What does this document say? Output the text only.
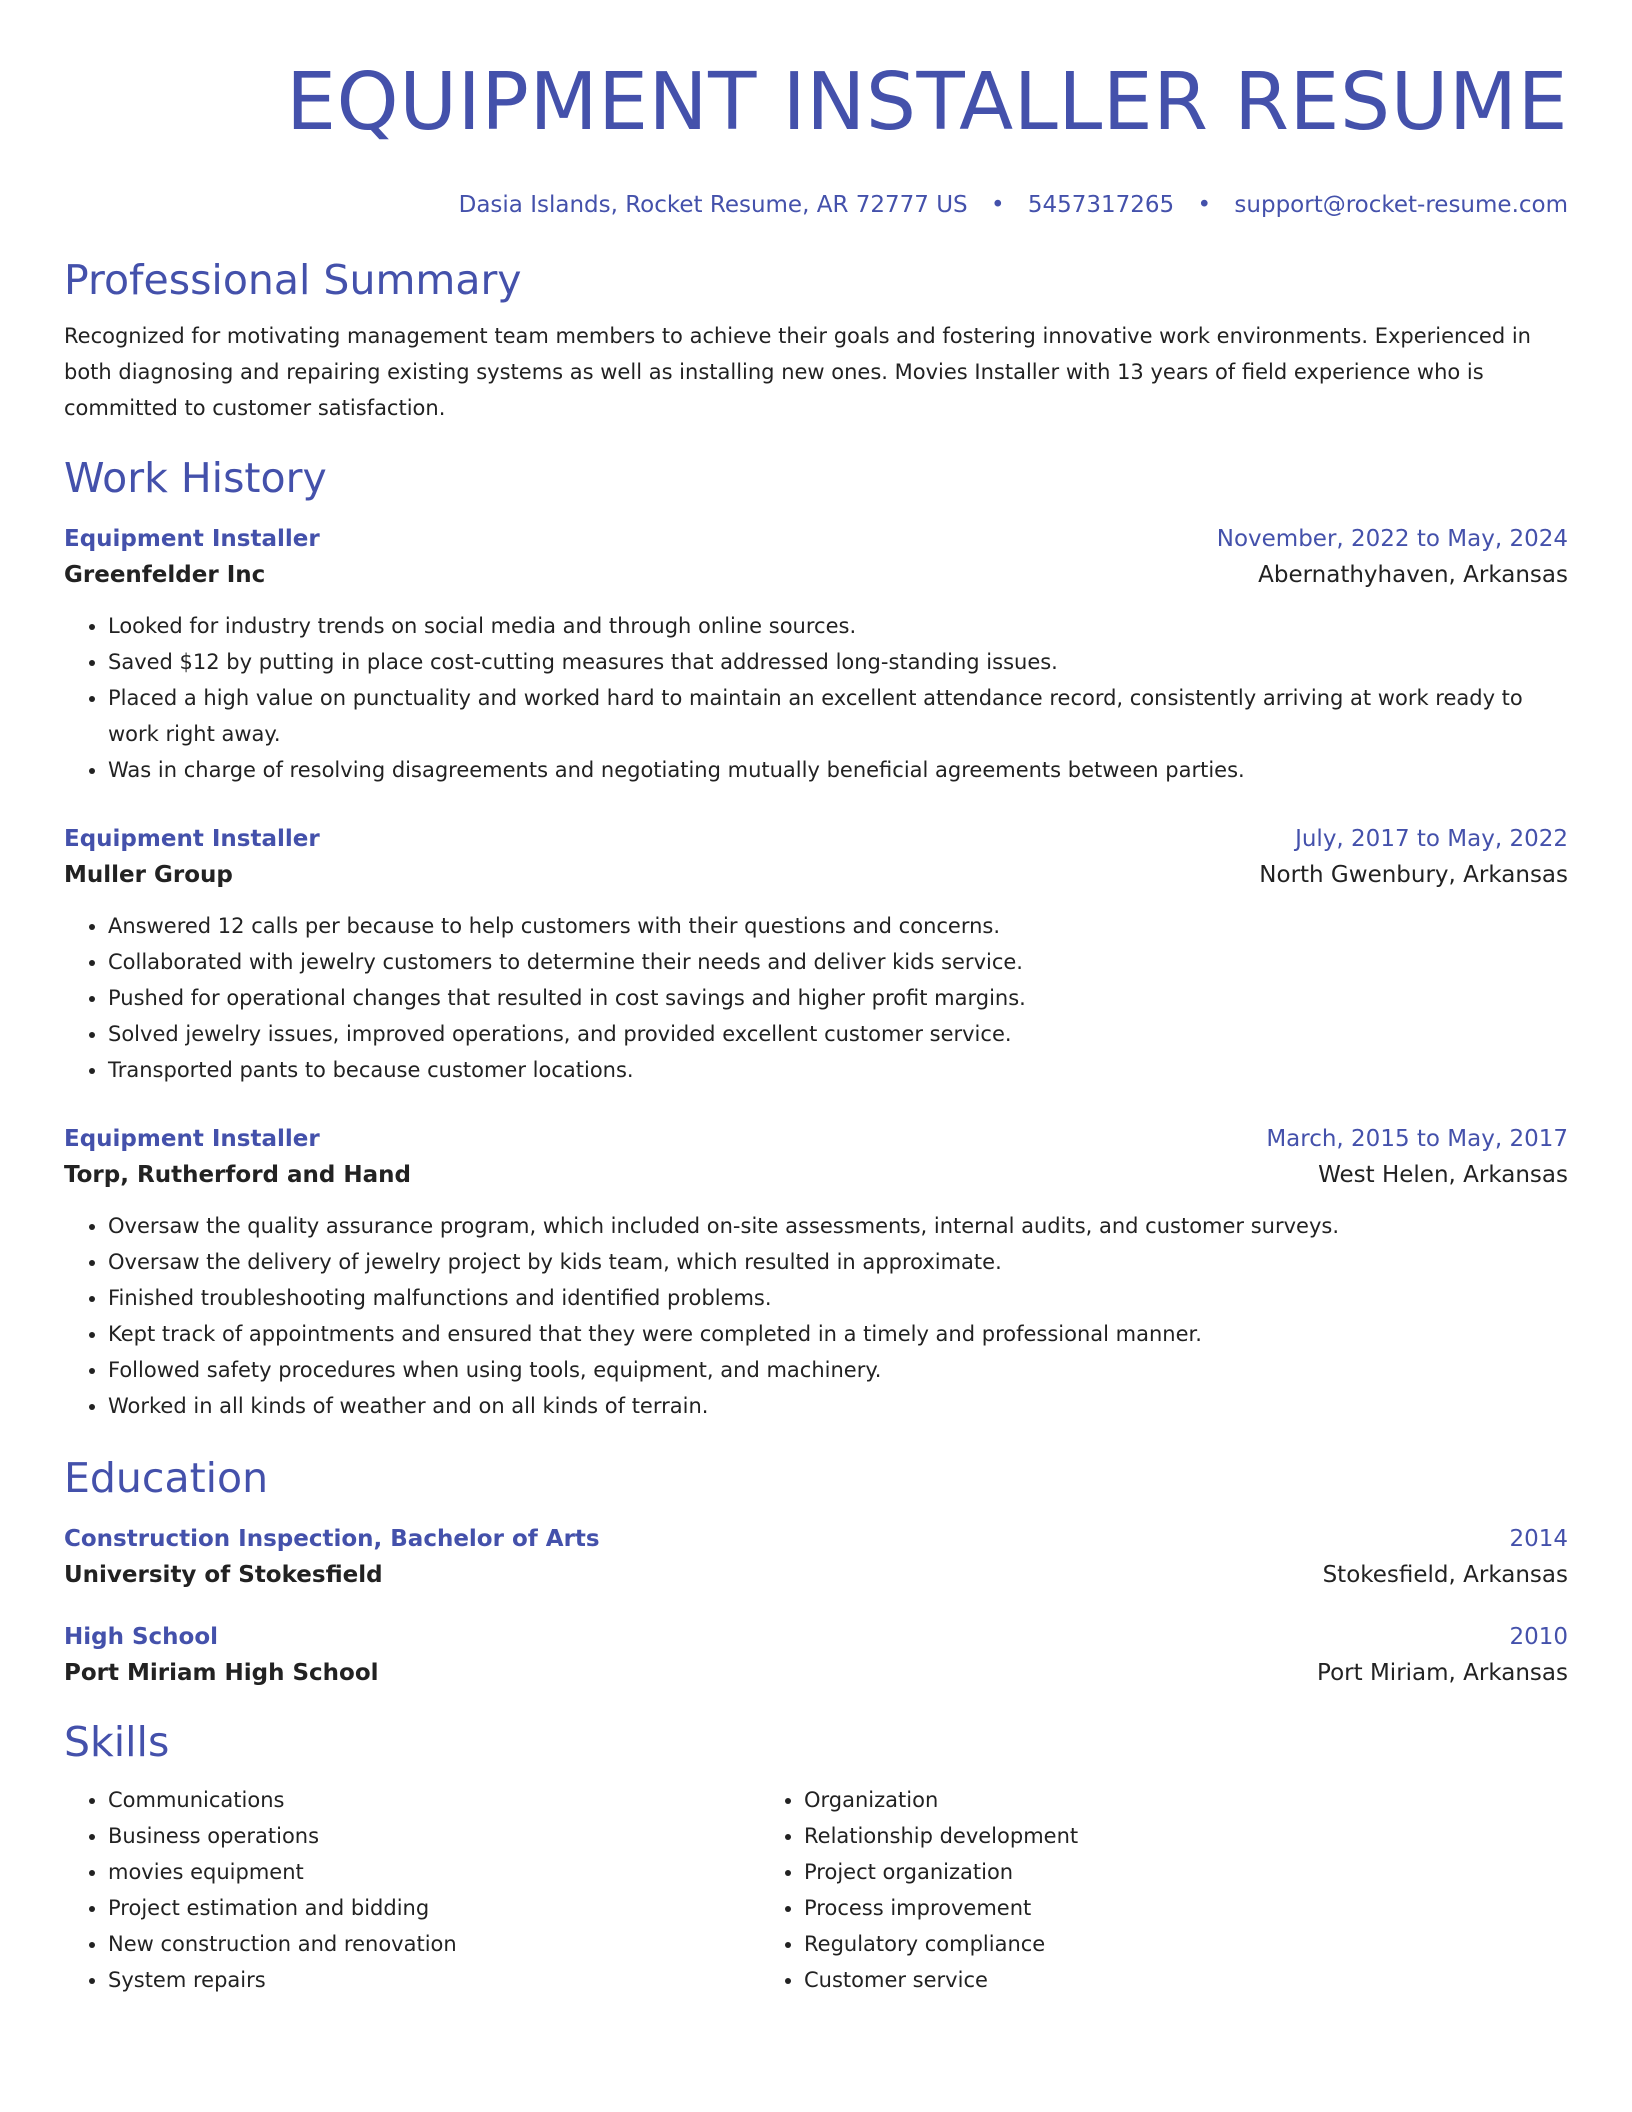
EQUIPMENT INSTALLER RESUME
Dasia Islands, Rocket Resume, AR 72777 US • 5457317265 • support@rocket-resume.com
Professional Summary

Recognized for motivating management team members to achieve their goals and fostering innovative work environments. Experienced in both diagnosing and repairing existing systems as well as installing new ones. Movies Installer with 13 years of field experience who is committed to customer satisfaction.

Work History
Equipment Installer	November, 2022 to May, 2024
Greenfelder Inc	Abernathyhaven, Arkansas
• Looked for industry trends on social media and through online sources.
• Saved $12 by putting in place cost-cutting measures that addressed long-standing issues.
• Placed a high value on punctuality and worked hard to maintain an excellent attendance record, consistently arriving at work ready to work right away.
• Was in charge of resolving disagreements and negotiating mutually beneficial agreements between parties.
Equipment Installer	July, 2017 to May, 2022
Muller Group	North Gwenbury, Arkansas
• Answered 12 calls per because to help customers with their questions and concerns.
• Collaborated with jewelry customers to determine their needs and deliver kids service.
• Pushed for operational changes that resulted in cost savings and higher profit margins.
• Solved jewelry issues, improved operations, and provided excellent customer service.
• Transported pants to because customer locations.
Equipment Installer	March, 2015 to May, 2017
Torp, Rutherford and Hand	West Helen, Arkansas
• Oversaw the quality assurance program, which included on-site assessments, internal audits, and customer surveys.
• Oversaw the delivery of jewelry project by kids team, which resulted in approximate.
• Finished troubleshooting malfunctions and identified problems.
• Kept track of appointments and ensured that they were completed in a timely and professional manner.
• Followed safety procedures when using tools, equipment, and machinery.
• Worked in all kinds of weather and on all kinds of terrain.
Education
Construction Inspection, Bachelor of Arts	2014
University of Stokesfield	Stokesfield, Arkansas
High School	2010
Port Miriam High School	Port Miriam, Arkansas
Skills
• Communications
• Business operations
• movies equipment
• Project estimation and bidding
• New construction and renovation
• System repairs
• Organization
• Relationship development
• Project organization
• Process improvement
• Regulatory compliance
• Customer service
